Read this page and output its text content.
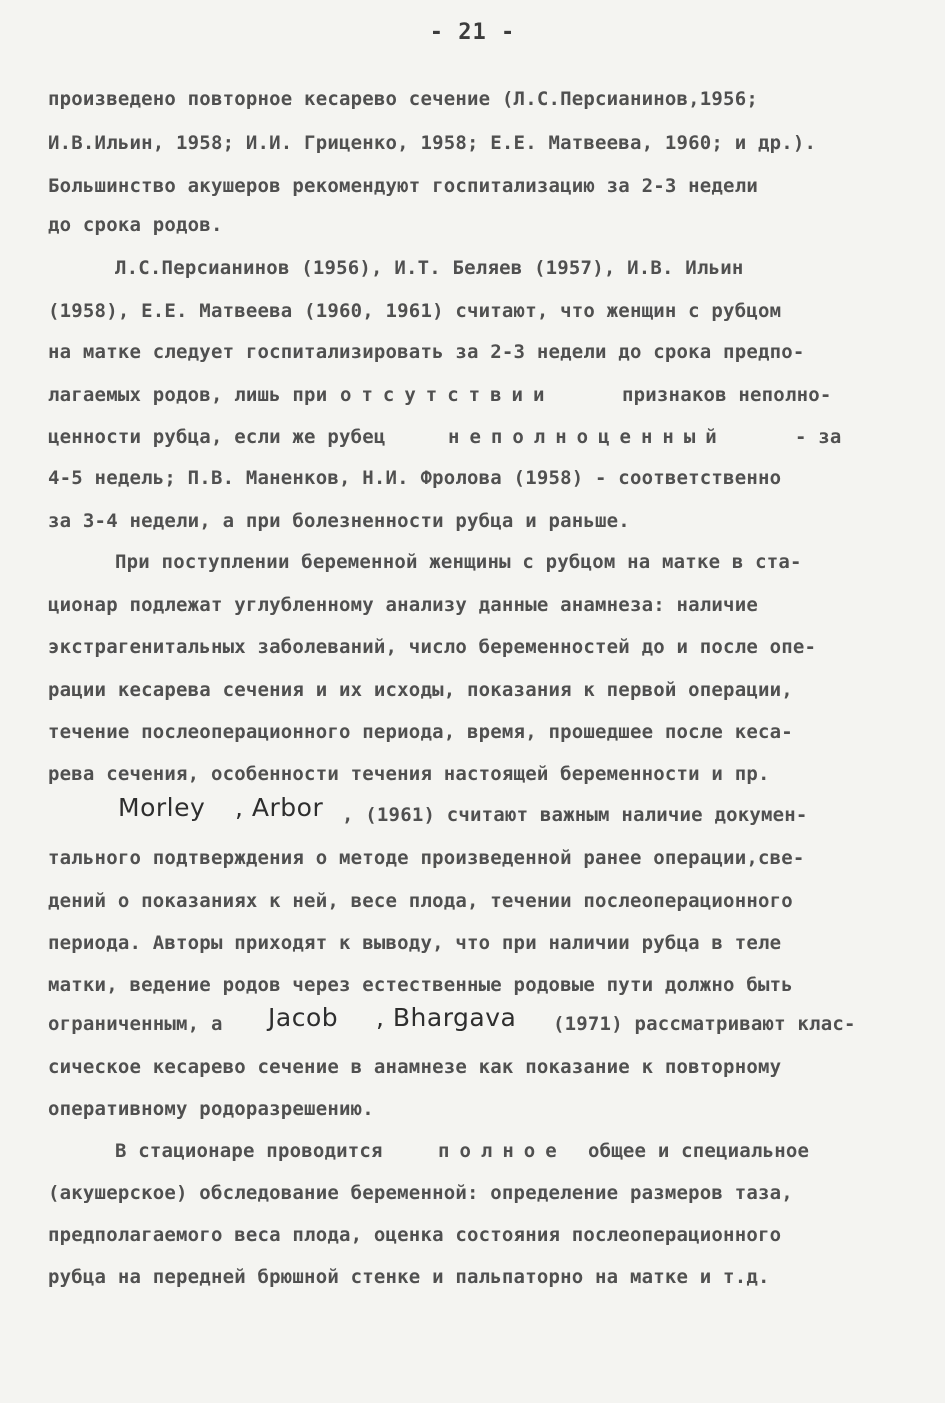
- 21 -
произведено повторное кесарево сечение (Л.С.Персианинов,1956;
И.В.Ильин, 1958; И.И. Гриценко, 1958; Е.Е. Матвеева, 1960; и др.).
Большинство акушеров рекомендуют госпитализацию за 2-3 недели
до срока родов.
Л.С.Персианинов (1956), И.Т. Беляев (1957), И.В. Ильин
(1958), Е.Е. Матвеева (1960, 1961) считают, что женщин с рубцом
на матке следует госпитализировать за 2-3 недели до срока предпо-
лагаемых родов, лишь при отсутствии	признаков неполно-
ценности рубца, если же рубец	неполноценный	- за
4-5 недель; П.В. Маненков, Н.И. Фролова (1958) - соответственно
за 3-4 недели, а при болезненности рубца и раньше.
При поступлении беременной женщины с рубцом на матке в ста-
ционар подлежат углубленному анализу данные анамнеза: наличие
экстрагенитальных заболеваний, число беременностей до и после опе-
рации кесарева сечения и их исходы, показания к первой операции,
течение послеоперационного периода, время, прошедшее после кеса-
рева сечения, особенности течения настоящей беременности и пр.
Morley , Arbor , (1961) считают важным наличие докумен-
тального подтверждения о методе произведенной ранее операции,све-
дений о показаниях к ней, весе плода, течении послеоперационного
периода. Авторы приходят к выводу, что при наличии рубца в теле
матки, ведение родов через естественные родовые пути должно быть
ограниченным, а Jacob , Bhargava (1971) рассматривают клас-
сическое кесарево сечение в анамнезе как показание к повторному
оперативному родоразрешению.
В стационаре проводится	полное общее и специальное
(акушерское) обследование беременной: определение размеров таза,
предполагаемого веса плода, оценка состояния послеоперационного
рубца на передней брюшной стенке и пальпаторно на матке и т.д.
